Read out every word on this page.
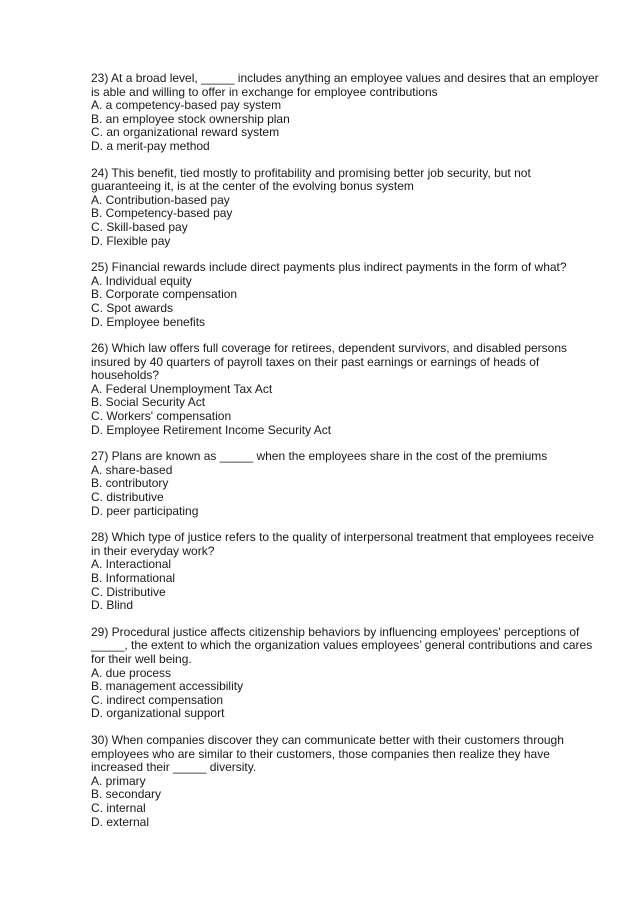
23) At a broad level, _____ includes anything an employee values and desires that an employer is able and willing to offer in exchange for employee contributions
A. a competency-based pay system
B. an employee stock ownership plan
C. an organizational reward system
D. a merit-pay method
24) This benefit, tied mostly to profitability and promising better job security, but not guaranteeing it, is at the center of the evolving bonus system
A. Contribution-based pay
B. Competency-based pay
C. Skill-based pay
D. Flexible pay
25) Financial rewards include direct payments plus indirect payments in the form of what?
A. Individual equity
B. Corporate compensation
C. Spot awards
D. Employee benefits
26) Which law offers full coverage for retirees, dependent survivors, and disabled persons insured by 40 quarters of payroll taxes on their past earnings or earnings of heads of households?
A. Federal Unemployment Tax Act
B. Social Security Act
C. Workers' compensation
D. Employee Retirement Income Security Act
27) Plans are known as _____ when the employees share in the cost of the premiums
A. share-based
B. contributory
C. distributive
D. peer participating
28) Which type of justice refers to the quality of interpersonal treatment that employees receive in their everyday work?
A. Interactional
B. Informational
C. Distributive
D. Blind
29) Procedural justice affects citizenship behaviors by influencing employees' perceptions of _____, the extent to which the organization values employees’ general contributions and cares for their well being.
A. due process
B. management accessibility
C. indirect compensation
D. organizational support
30) When companies discover they can communicate better with their customers through employees who are similar to their customers, those companies then realize they have increased their _____ diversity.
A. primary
B. secondary
C. internal
D. external
